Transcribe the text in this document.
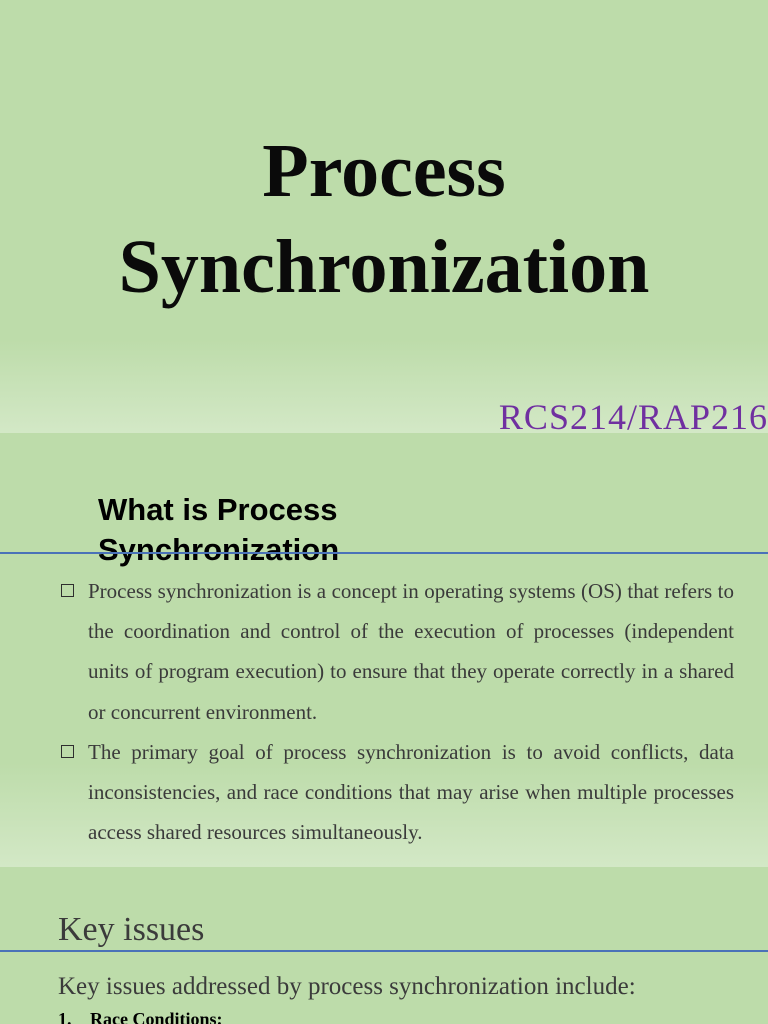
Process
Synchronization

RCS214/RAP216

What is Process
Synchronization
Process synchronization is a concept in operating systems (OS) that refers to the coordination and control of the execution of processes (independent units of program execution) to ensure that they operate correctly in a shared or concurrent environment.
The primary goal of process synchronization is to avoid conflicts, data inconsistencies, and race conditions that may arise when multiple processes access shared resources simultaneously.
Key issues

Key issues addressed by process synchronization include:

1. Race Conditions:
